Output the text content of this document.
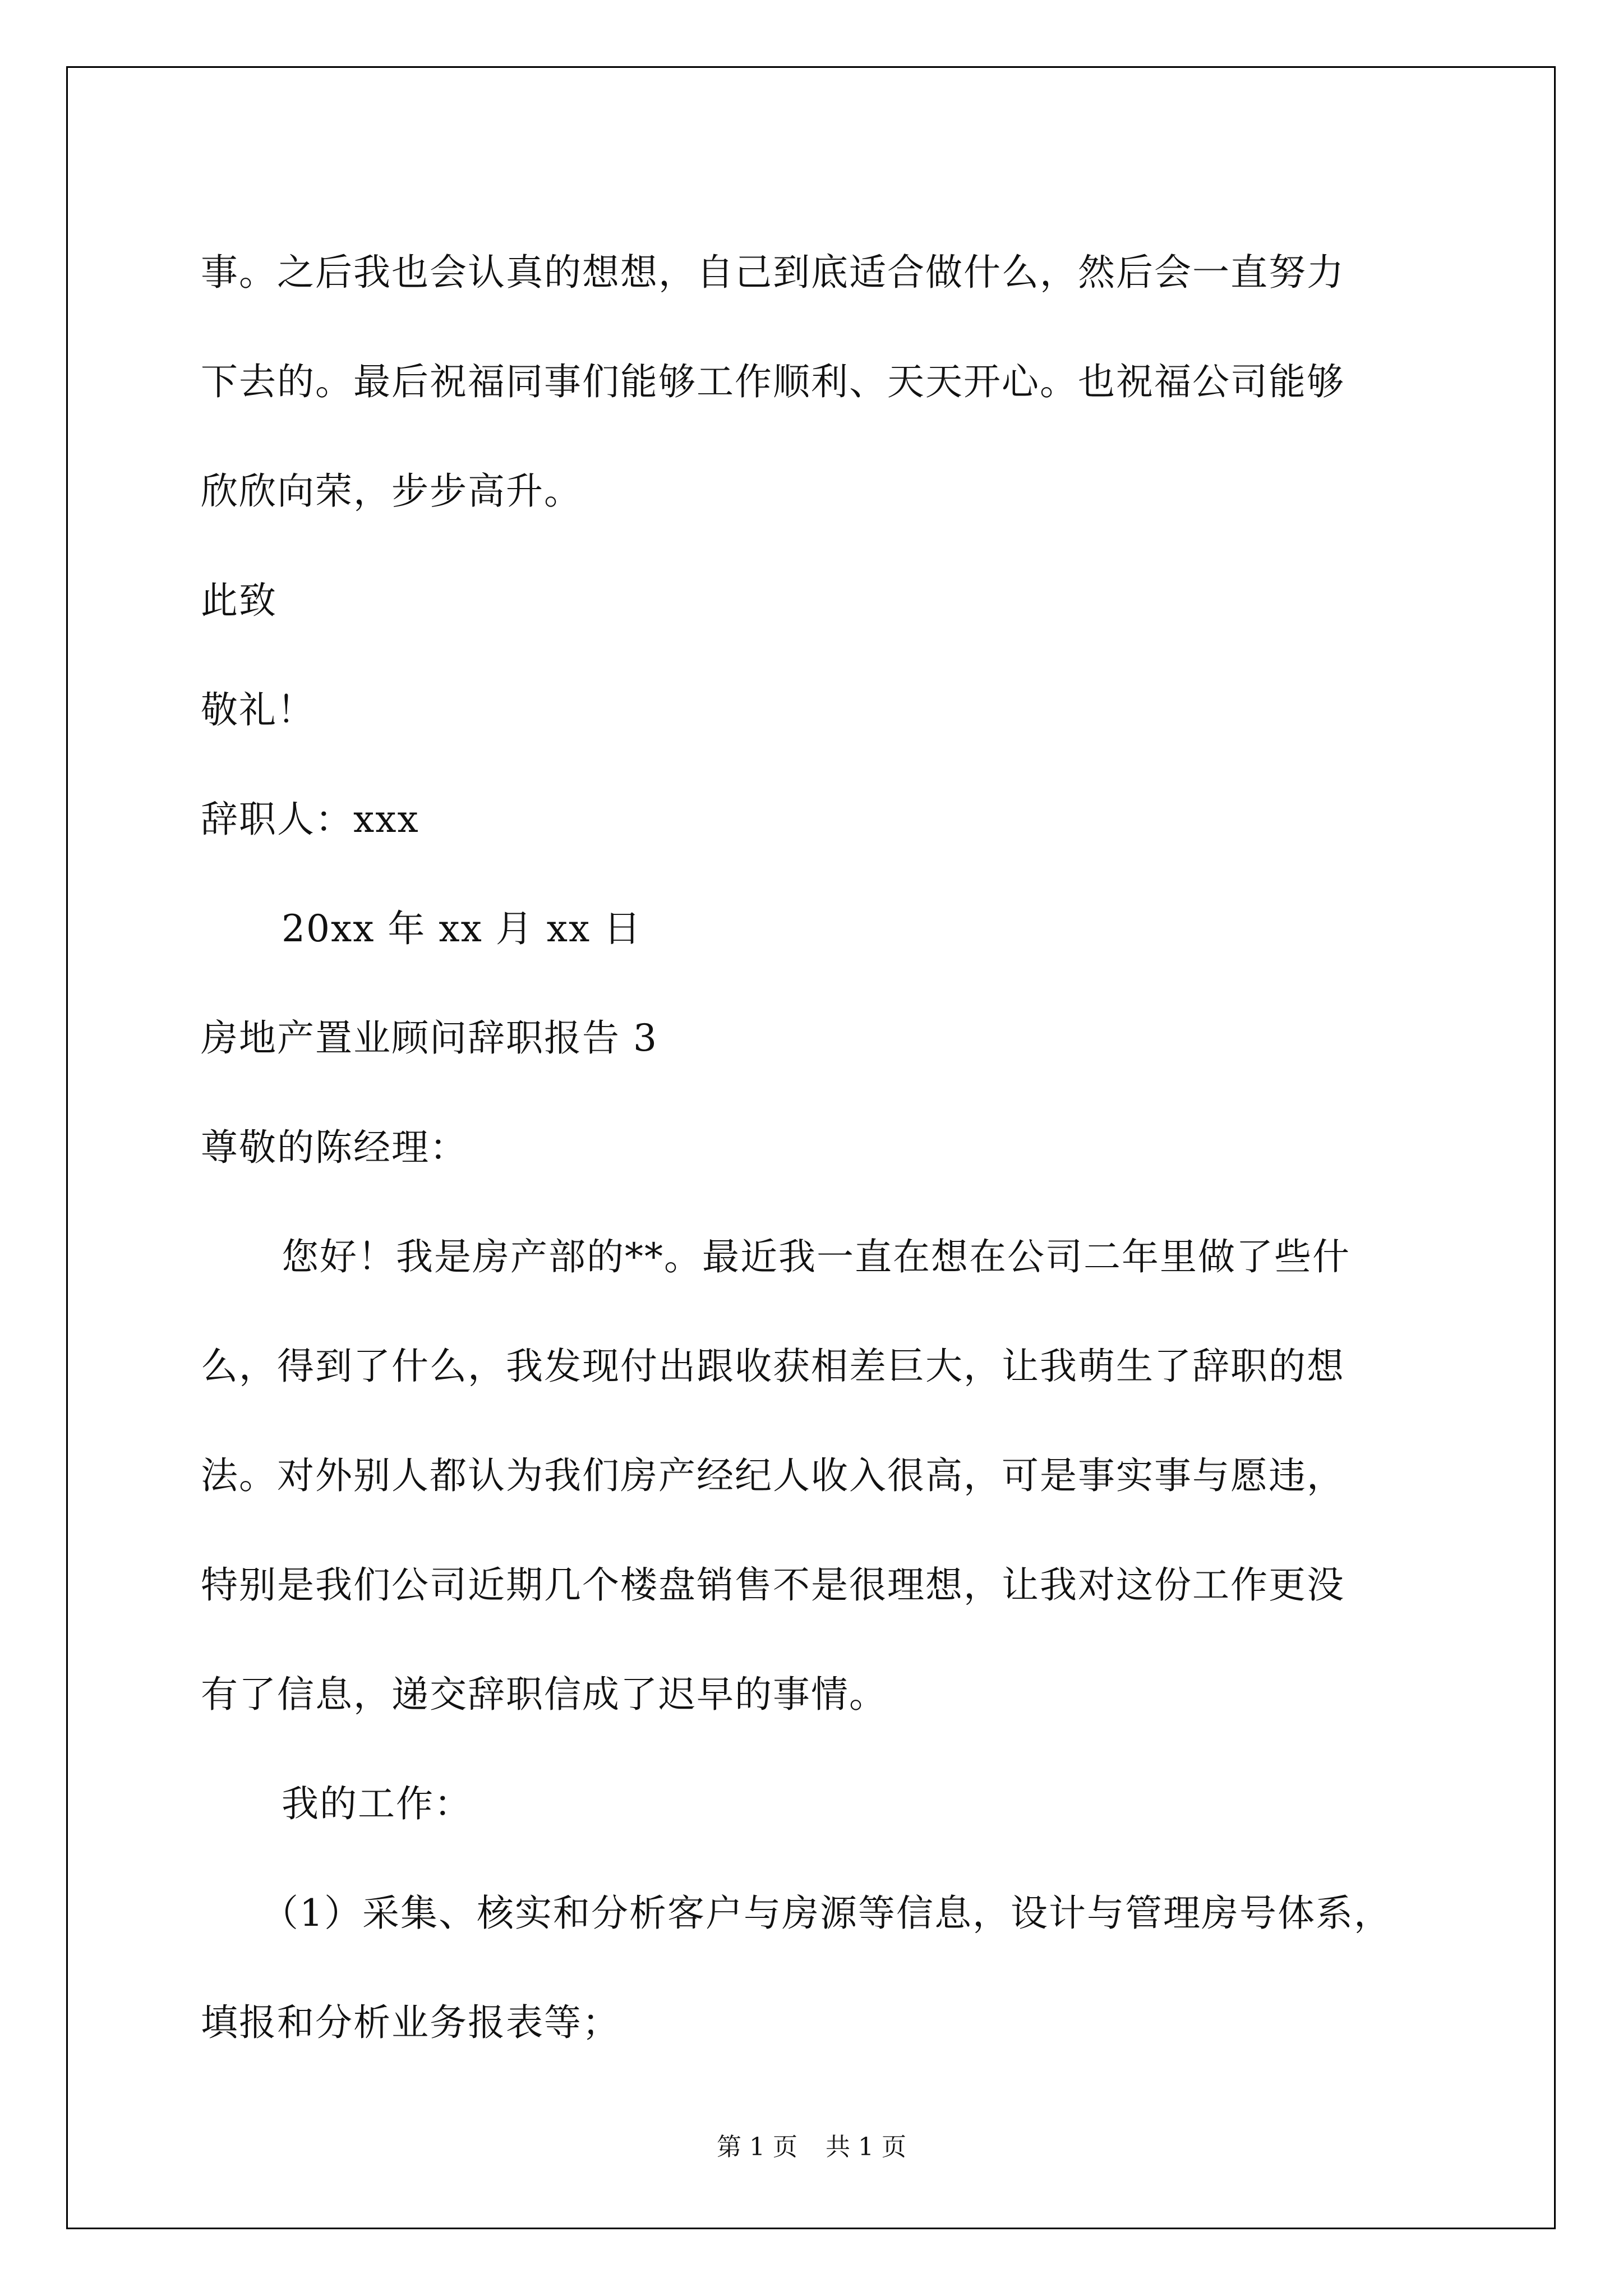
事。之后我也会认真的想想，自己到底适合做什么，然后会一直努力
下去的。最后祝福同事们能够工作顺利、天天开心。也祝福公司能够
欣欣向荣，步步高升。
此致
敬礼！
辞职人：xxx
20xx 年 xx 月 xx 日
房地产置业顾问辞职报告 3
尊敬的陈经理：
您好！我是房产部的**。最近我一直在想在公司二年里做了些什
么，得到了什么，我发现付出跟收获相差巨大，让我萌生了辞职的想
法。对外别人都认为我们房产经纪人收入很高，可是事实事与愿违，
特别是我们公司近期几个楼盘销售不是很理想，让我对这份工作更没
有了信息，递交辞职信成了迟早的事情。
我的工作：
（1）采集、核实和分析客户与房源等信息，设计与管理房号体系，
填报和分析业务报表等；
第 1 页 共 1 页
